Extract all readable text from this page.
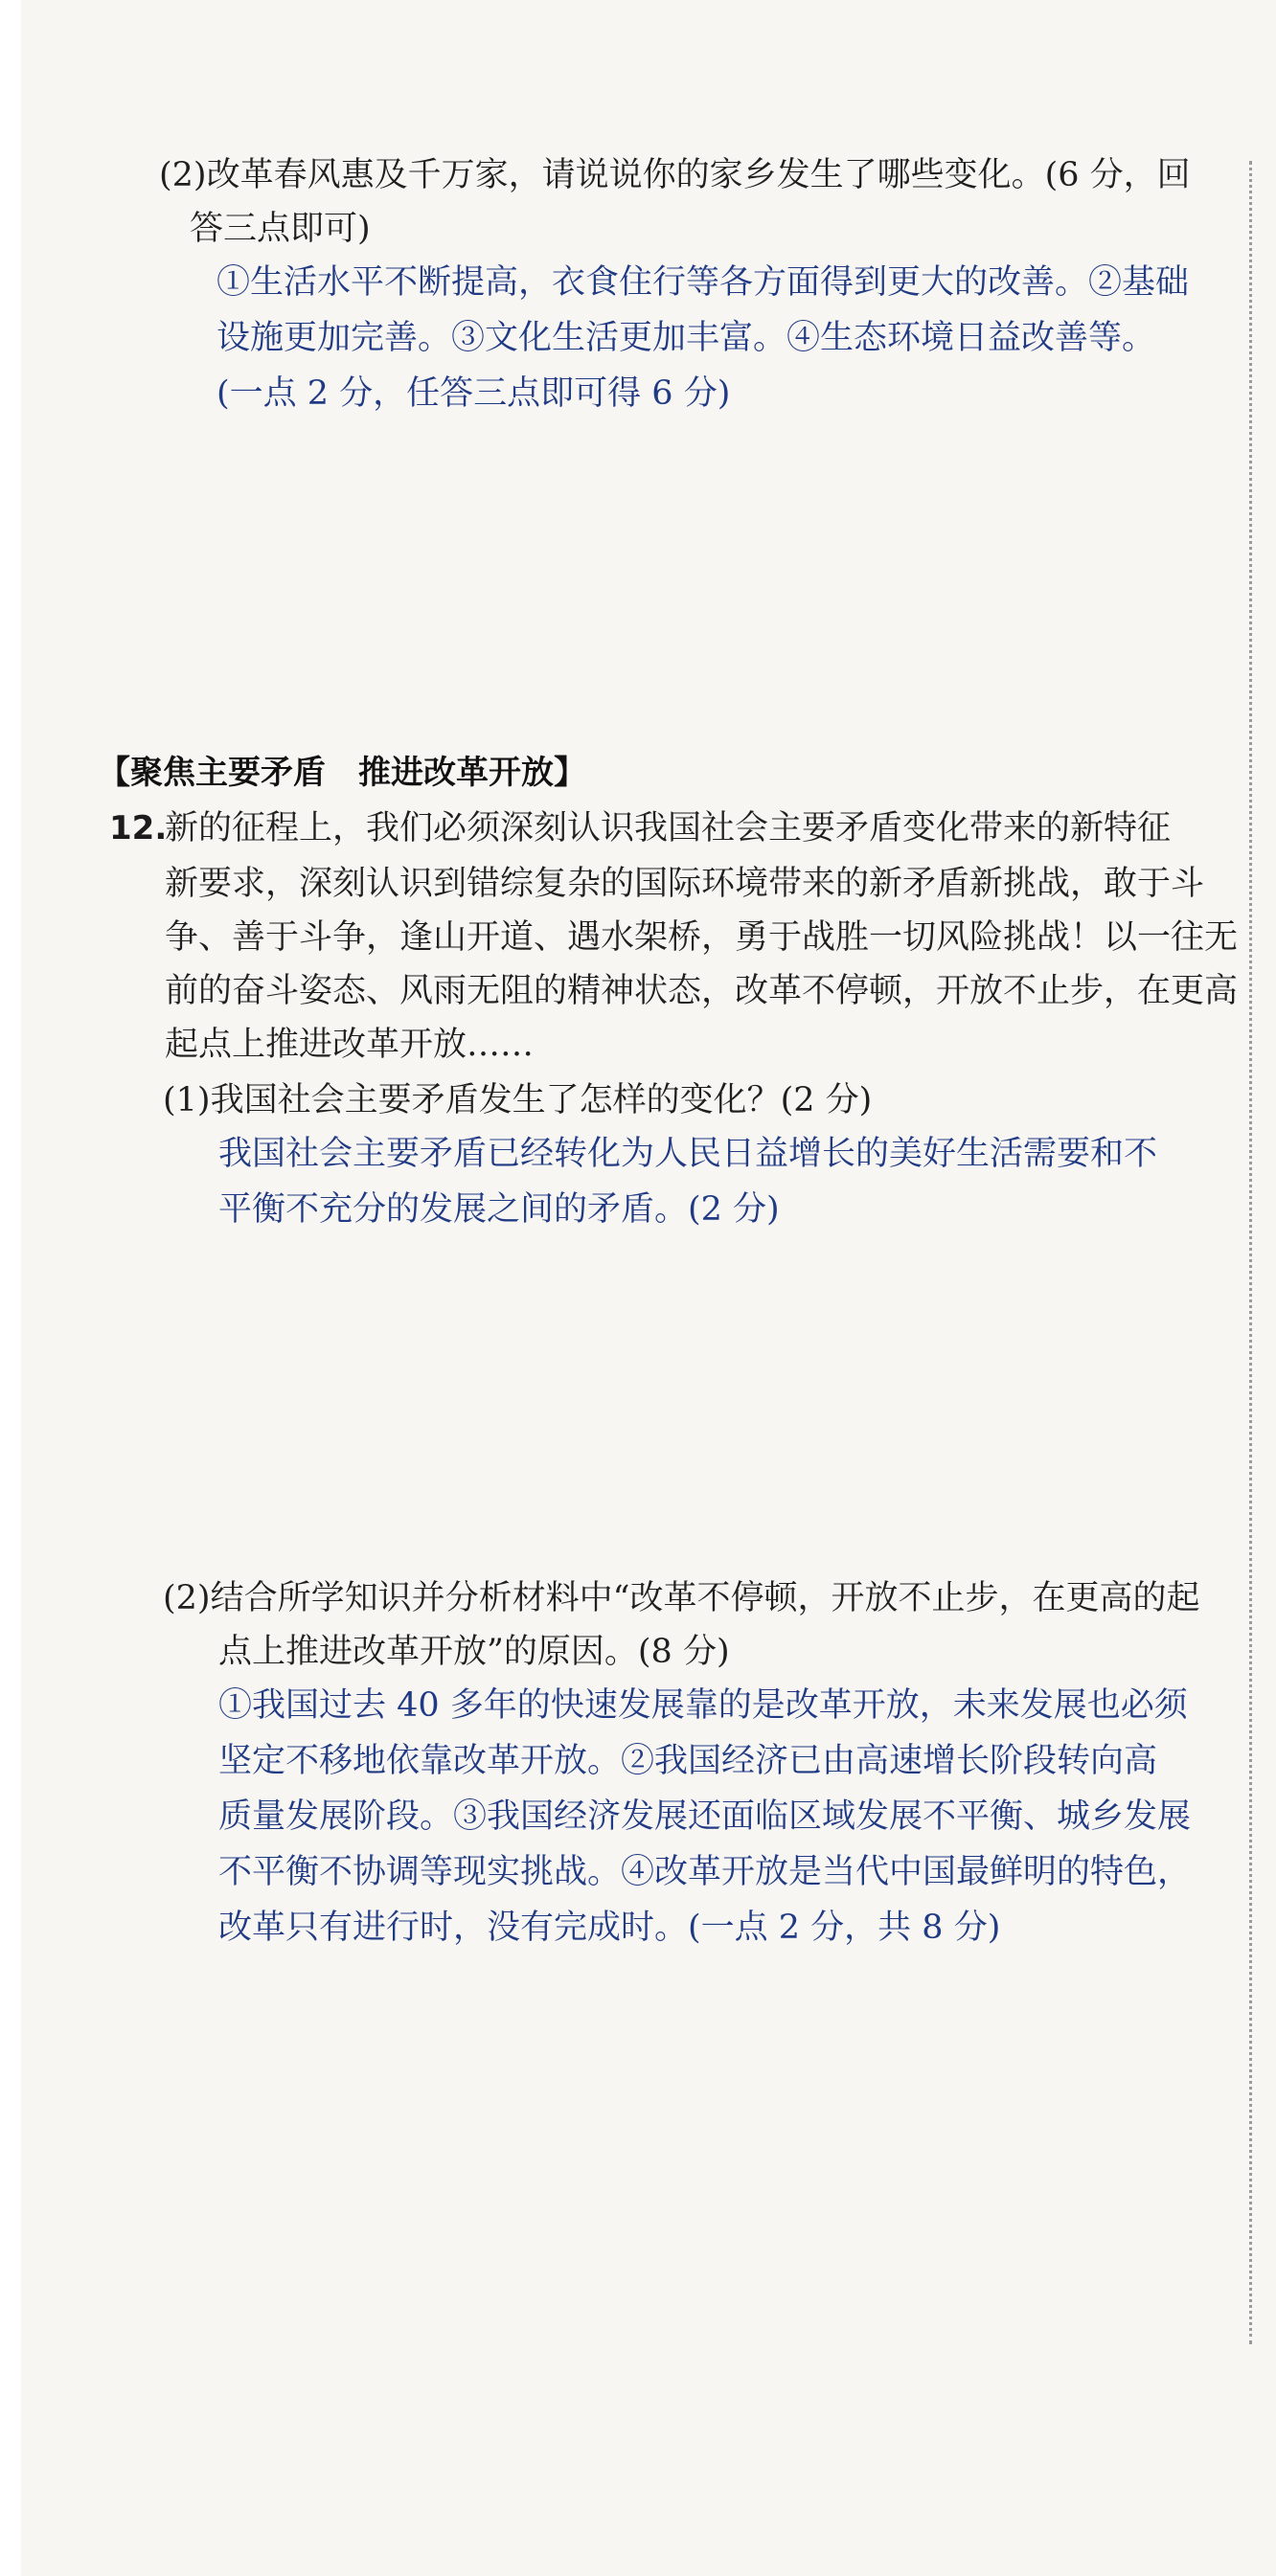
(2)改革春风惠及千万家，请说说你的家乡发生了哪些变化。(6 分，回
答三点即可)
①生活水平不断提高，衣食住行等各方面得到更大的改善。②基础
设施更加完善。③文化生活更加丰富。④生态环境日益改善等。
(一点 2 分，任答三点即可得 6 分)
【聚焦主要矛盾　推进改革开放】
12.
新的征程上，我们必须深刻认识我国社会主要矛盾变化带来的新特征
新要求，深刻认识到错综复杂的国际环境带来的新矛盾新挑战，敢于斗
争、善于斗争，逢山开道、遇水架桥，勇于战胜一切风险挑战！以一往无
前的奋斗姿态、风雨无阻的精神状态，改革不停顿，开放不止步，在更高
起点上推进改革开放……
(1)我国社会主要矛盾发生了怎样的变化？(2 分)
我国社会主要矛盾已经转化为人民日益增长的美好生活需要和不
平衡不充分的发展之间的矛盾。(2 分)
(2)结合所学知识并分析材料中“改革不停顿，开放不止步，在更高的起
点上推进改革开放”的原因。(8 分)
①我国过去 40 多年的快速发展靠的是改革开放，未来发展也必须
坚定不移地依靠改革开放。②我国经济已由高速增长阶段转向高
质量发展阶段。③我国经济发展还面临区域发展不平衡、城乡发展
不平衡不协调等现实挑战。④改革开放是当代中国最鲜明的特色，
改革只有进行时，没有完成时。(一点 2 分，共 8 分)
